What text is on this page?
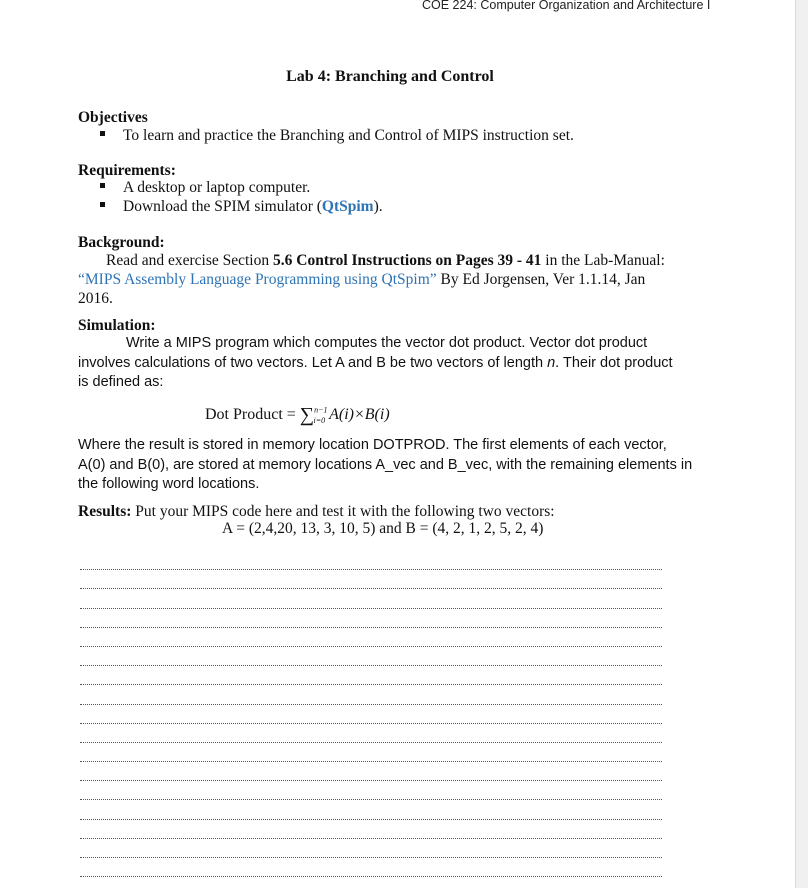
COE 224: Computer Organization and Architecture I
Lab 4: Branching and Control
Objectives
To learn and practice the Branching and Control of MIPS instruction set.
Requirements:
A desktop or laptop computer.
Download the SPIM simulator (QtSpim).
Background:
Read and exercise Section 5.6 Control Instructions on Pages 39 - 41 in the Lab-Manual:
“MIPS Assembly Language Programming using QtSpim” By Ed Jorgensen, Ver 1.1.14, Jan
2016.
Simulation:
Write a MIPS program which computes the vector dot product. Vector dot product
involves calculations of two vectors. Let A and B be two vectors of length n. Their dot product
is defined as:
Dot Product = ∑$^{n-1}_{i=0}$ A(i)×B(i)
Where the result is stored in memory location DOTPROD. The first elements of each vector,
A(0) and B(0), are stored at memory locations A_vec and B_vec, with the remaining elements in
the following word locations.
Results: Put your MIPS code here and test it with the following two vectors:
A = (2,4,20, 13, 3, 10, 5) and B = (4, 2, 1, 2, 5, 2, 4)
